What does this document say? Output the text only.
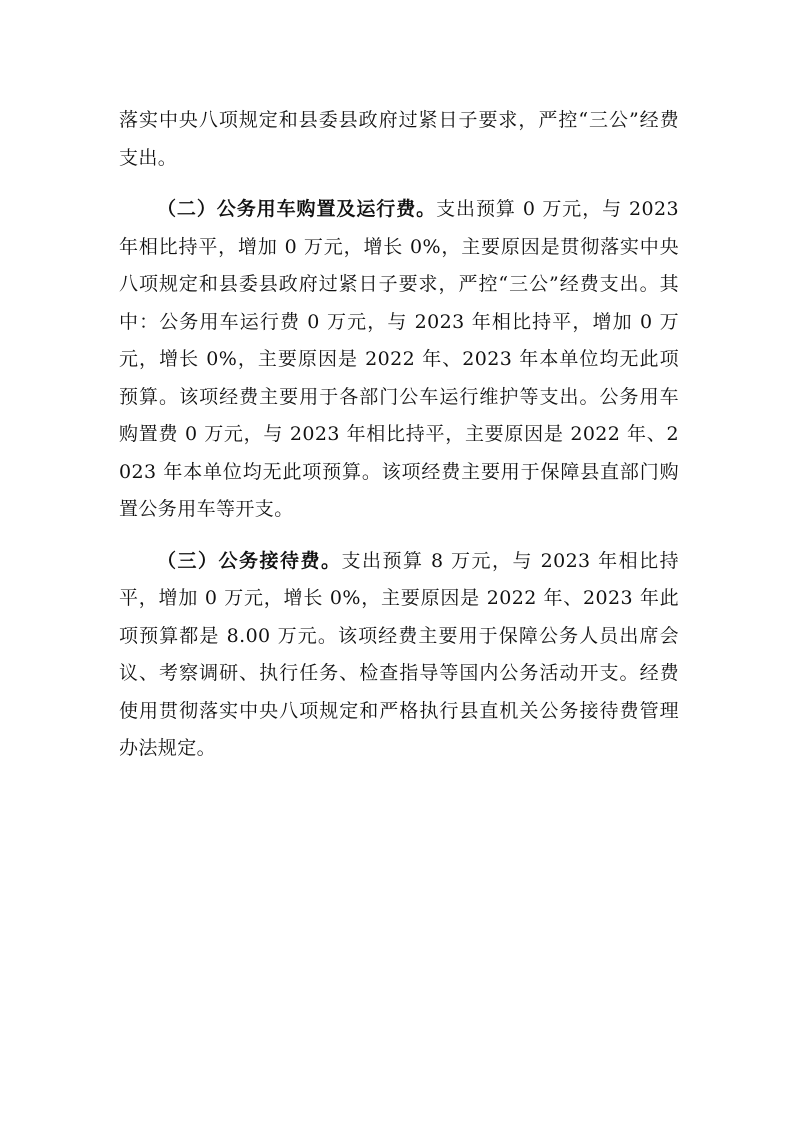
落实中央八项规定和县委县政府过紧日子要求，严控“三公”经费支出。

（二）公务用车购置及运行费。支出预算 0 万元，与 2023 年相比持平，增加 0 万元，增长 0%，主要原因是贯彻落实中央八项规定和县委县政府过紧日子要求，严控“三公”经费支出。其中：公务用车运行费 0 万元，与 2023 年相比持平，增加 0 万元，增长 0%，主要原因是 2022 年、2023 年本单位均无此项预算。该项经费主要用于各部门公车运行维护等支出。公务用车购置费 0 万元，与 2023 年相比持平，主要原因是 2022 年、2023 年本单位均无此项预算。该项经费主要用于保障县直部门购置公务用车等开支。

（三）公务接待费。支出预算 8 万元，与 2023 年相比持平，增加 0 万元，增长 0%，主要原因是 2022 年、2023 年此项预算都是 8.00 万元。该项经费主要用于保障公务人员出席会议、考察调研、执行任务、检查指导等国内公务活动开支。经费使用贯彻落实中央八项规定和严格执行县直机关公务接待费管理办法规定。
